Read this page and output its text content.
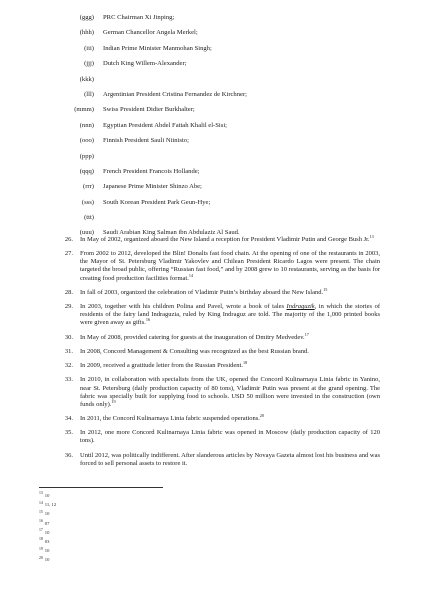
(ggg) PRC Chairman Xi Jinping;
(hhh) German Chancellor Angela Merkel;
(iii) Indian Prime Minister Manmohan Singh;
(jjj) Dutch King Willem-Alexander;
(kkk)
(lll) Argentinian President Cristina Fernandez de Kirchner;
(mmm) Swiss President Didier Burkhalter;
(nnn) Egyptian President Abdel Fattah Khalil el-Sisi;
(ooo) Finnish President Sauli Niinisto;
(ppp)
(qqq) French President Francois Hollande;
(rrr) Japanese Prime Minister Shinzo Abe;
(sss) South Korean President Park Geun-Hye;
(ttt)
(uuu) Saudi Arabian King Salman ibn Abdulaziz Al Saud.
26. In May of 2002, organized aboard the New Island a reception for President Vladimir Putin and George Bush Jr.$^{13}$
27. From 2002 to 2012, developed the Blin! Donalts fast food chain. At the opening of one of the restaurants in 2003, the Mayor of St. Petersburg Vladimir Yakovlev and Chilean President Ricardo Lagos were present. The chain targeted the broad public, offering “Russian fast food,” and by 2008 grew to 10 restaurants, serving as the basis for creating food production facilities format.$^{14}$
28. In fall of 2003, organized the celebration of Vladimir Putin’s birthday aboard the New Island.$^{15}$
29. In 2003, together with his children Polina and Pavel, wrote a book of tales Indraguzik, in which the stories of residents of the fairy land Indraguzia, ruled by King Indraguz are told. The majority of the 1,000 printed books were given away as gifts.$^{16}$
30. In May of 2008, provided catering for guests at the inauguration of Dmitry Medvedev.$^{17}$
31. In 2008, Concord Management & Consulting was recognized as the best Russian brand.
32. In 2009, received a gratitude letter from the Russian President.$^{18}$
33. In 2010, in collaboration with specialists from the UK, opened the Concord Kulinarnaya Linia fabric in Yanino, near St. Petersburg (daily production capacity of 80 tons), Vladimir Putin was present at the grand opening. The fabric was specially built for supplying food to schools. USD 50 million were invested in the construction (own funds only).$^{19}$
34. In 2011, the Concord Kulinarnaya Linia fabric suspended operations.$^{20}$
35. In 2012, one more Concord Kulinarnaya Linia fabric was opened in Moscow (daily production capacity of 120 tons).
36. Until 2012, was politically indifferent. After slanderous articles by Novaya Gazeta almost lost his business and was forced to sell personal assets to restore it.
$^{13}$ 10
$^{14}$ 11, 12
$^{15}$ 10
$^{16}$ 07
$^{17}$ 10
$^{18}$ 03
$^{19}$ 10
$^{20}$ 10
